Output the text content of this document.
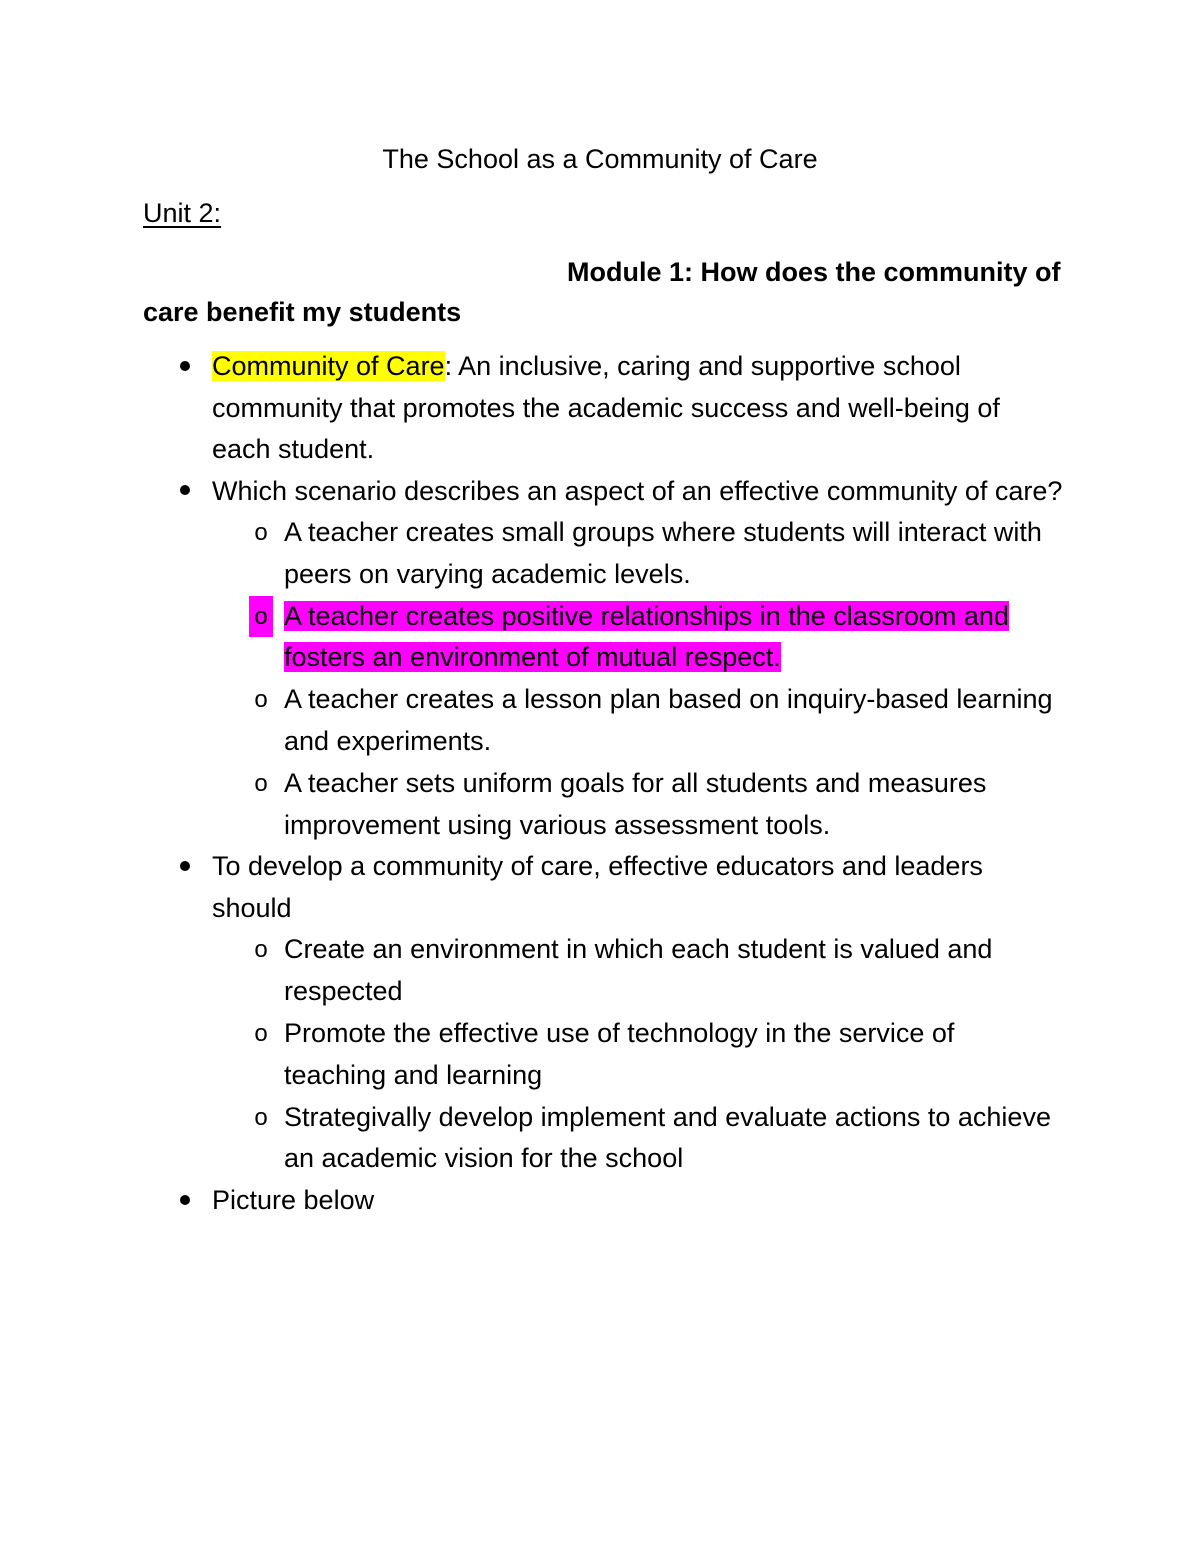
The School as a Community of Care

Unit 2:

Module 1: How does the community of care benefit my students

Community of Care: An inclusive, caring and supportive school community that promotes the academic success and well-being of each student.
Which scenario describes an aspect of an effective community of care?
o A teacher creates small groups where students will interact with peers on varying academic levels.
o A teacher creates positive relationships in the classroom and fosters an environment of mutual respect.
o A teacher creates a lesson plan based on inquiry-based learning and experiments.
o A teacher sets uniform goals for all students and measures improvement using various assessment tools.
To develop a community of care, effective educators and leaders should
o Create an environment in which each student is valued and respected
o Promote the effective use of technology in the service of teaching and learning
o Strategivally develop implement and evaluate actions to achieve an academic vision for the school
Picture below
